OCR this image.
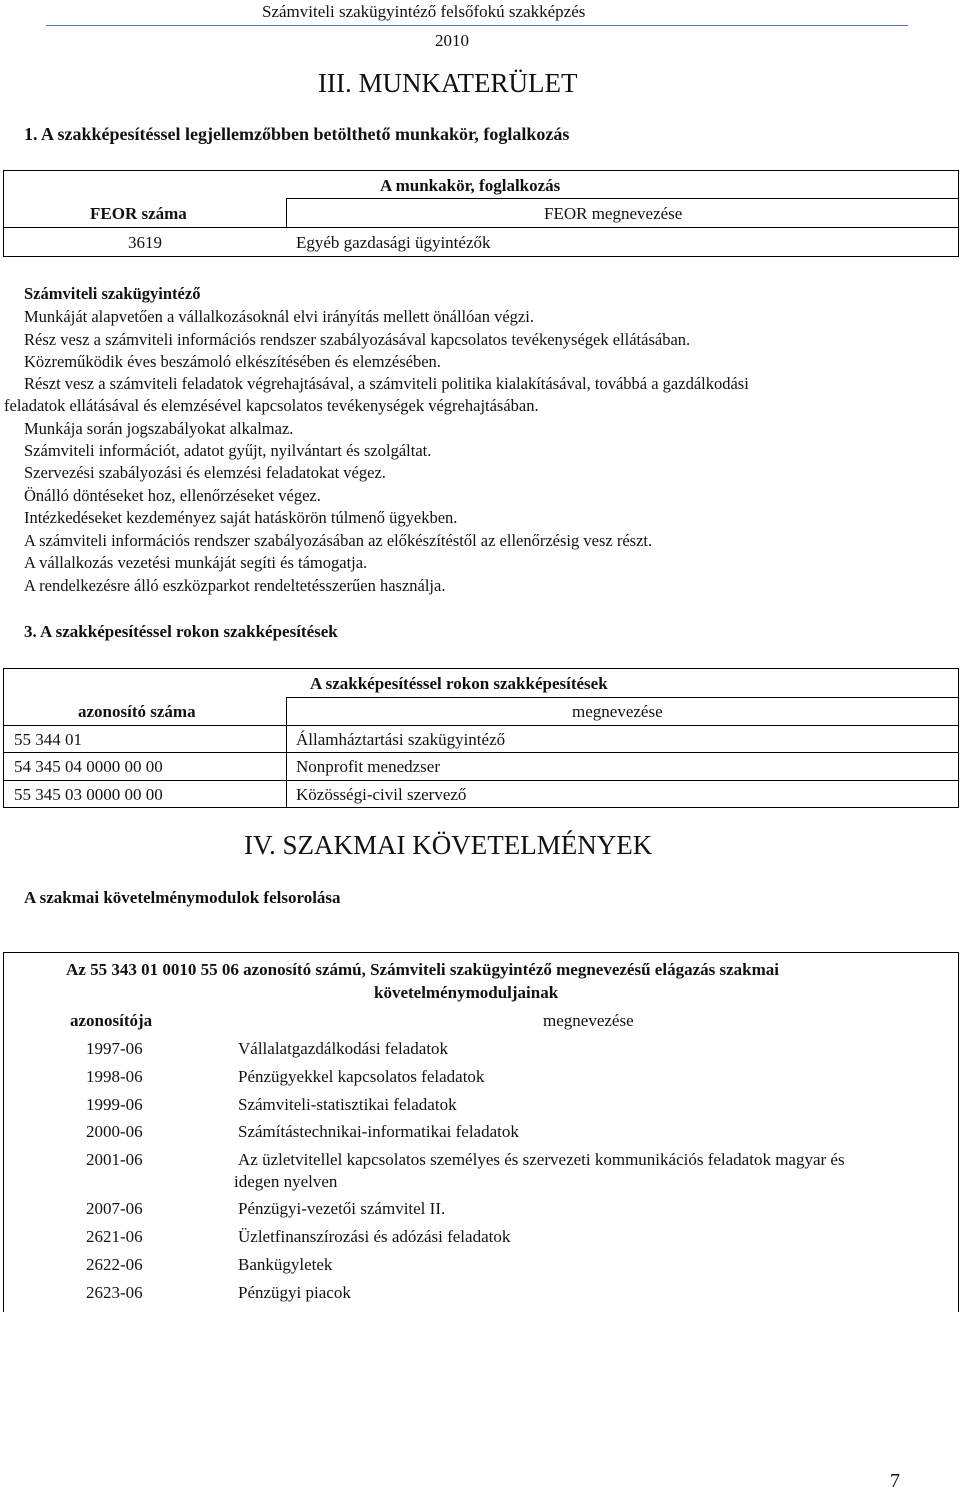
Számviteli szakügyintéző felsőfokú szakképzés
2010
III. MUNKATERÜLET
1. A szakképesítéssel legjellemzőbben betölthető munkakör, foglalkozás
A munkakör, foglalkozás
FEOR száma	FEOR megnevezése
3619	Egyéb gazdasági ügyintézők
Számviteli szakügyintéző
Munkáját alapvetően a vállalkozásoknál elvi irányítás mellett önállóan végzi.
Rész vesz a számviteli információs rendszer szabályozásával kapcsolatos tevékenységek ellátásában.
Közreműködik éves beszámoló elkészítésében és elemzésében.
Részt vesz a számviteli feladatok végrehajtásával, a számviteli politika kialakításával, továbbá a gazdálkodási
feladatok ellátásával és elemzésével kapcsolatos tevékenységek végrehajtásában.
Munkája során jogszabályokat alkalmaz.
Számviteli információt, adatot gyűjt, nyilvántart és szolgáltat.
Szervezési szabályozási és elemzési feladatokat végez.
Önálló döntéseket hoz, ellenőrzéseket végez.
Intézkedéseket kezdeményez saját hatáskörön túlmenő ügyekben.
A számviteli információs rendszer szabályozásában az előkészítéstől az ellenőrzésig vesz részt.
A vállalkozás vezetési munkáját segíti és támogatja.
A rendelkezésre álló eszközparkot rendeltetésszerűen használja.
3. A szakképesítéssel rokon szakképesítések
A szakképesítéssel rokon szakképesítések
azonosító száma	megnevezése
55 344 01	Államháztartási szakügyintéző
54 345 04 0000 00 00	Nonprofit menedzser
55 345 03 0000 00 00	Közösségi-civil szervező
IV. SZAKMAI KÖVETELMÉNYEK
A szakmai követelménymodulok felsorolása
Az 55 343 01 0010 55 06 azonosító számú, Számviteli szakügyintéző megnevezésű elágazás szakmai
követelménymoduljainak
azonosítója	megnevezése
1997-06	Vállalatgazdálkodási feladatok
1998-06	Pénzügyekkel kapcsolatos feladatok
1999-06	Számviteli-statisztikai feladatok
2000-06	Számítástechnikai-informatikai feladatok
2001-06	Az üzletvitellel kapcsolatos személyes és szervezeti kommunikációs feladatok magyar és
idegen nyelven
2007-06	Pénzügyi-vezetői számvitel II.
2621-06	Üzletfinanszírozási és adózási feladatok
2622-06	Bankügyletek
2623-06	Pénzügyi piacok
7
